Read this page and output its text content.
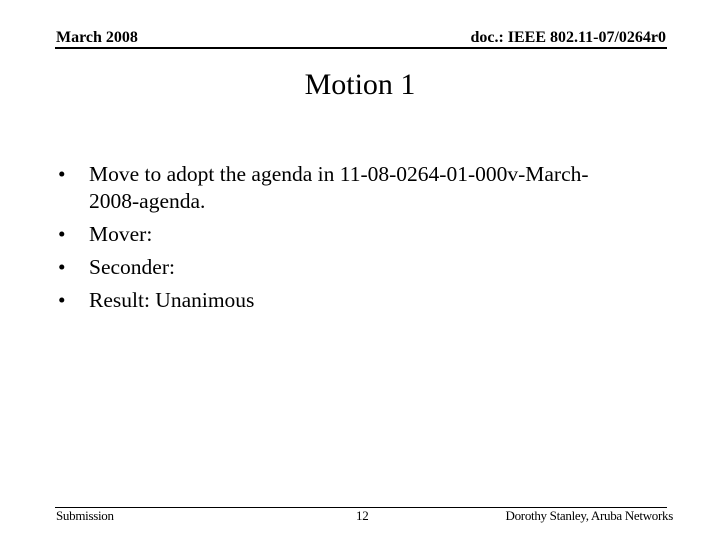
March 2008	doc.: IEEE 802.11-07/0264r0
Motion 1
• Move to adopt the agenda in 11-08-0264-01-000v-March-2008-agenda.
• Mover:
• Seconder:
• Result: Unanimous
Submission	12	Dorothy Stanley, Aruba Networks
